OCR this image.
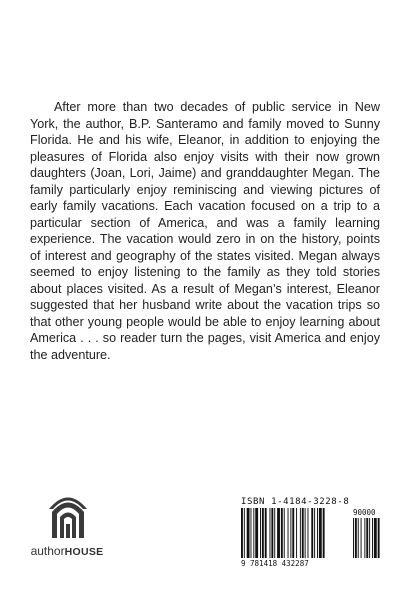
After more than two decades of public service in New York, the author, B.P. Santeramo and family moved to Sunny Florida. He and his wife, Eleanor, in addition to enjoying the pleasures of Florida also enjoy visits with their now grown daughters (Joan, Lori, Jaime) and granddaughter Megan. The family particularly enjoy reminiscing and viewing pictures of early family vacations. Each vacation focused on a trip to a particular section of America, and was a family learning experience. The vacation would zero in on the history, points of interest and geography of the states visited. Megan always seemed to enjoy listening to the family as they told stories about places visited. As a result of Megan’s interest, Eleanor suggested that her husband write about the vacation trips so that other young people would be able to enjoy learning about America . . . so reader turn the pages, visit America and enjoy the adventure.

authorHOUSE
ISBN 1-4184-3228-8
9 781418 432287
90000
